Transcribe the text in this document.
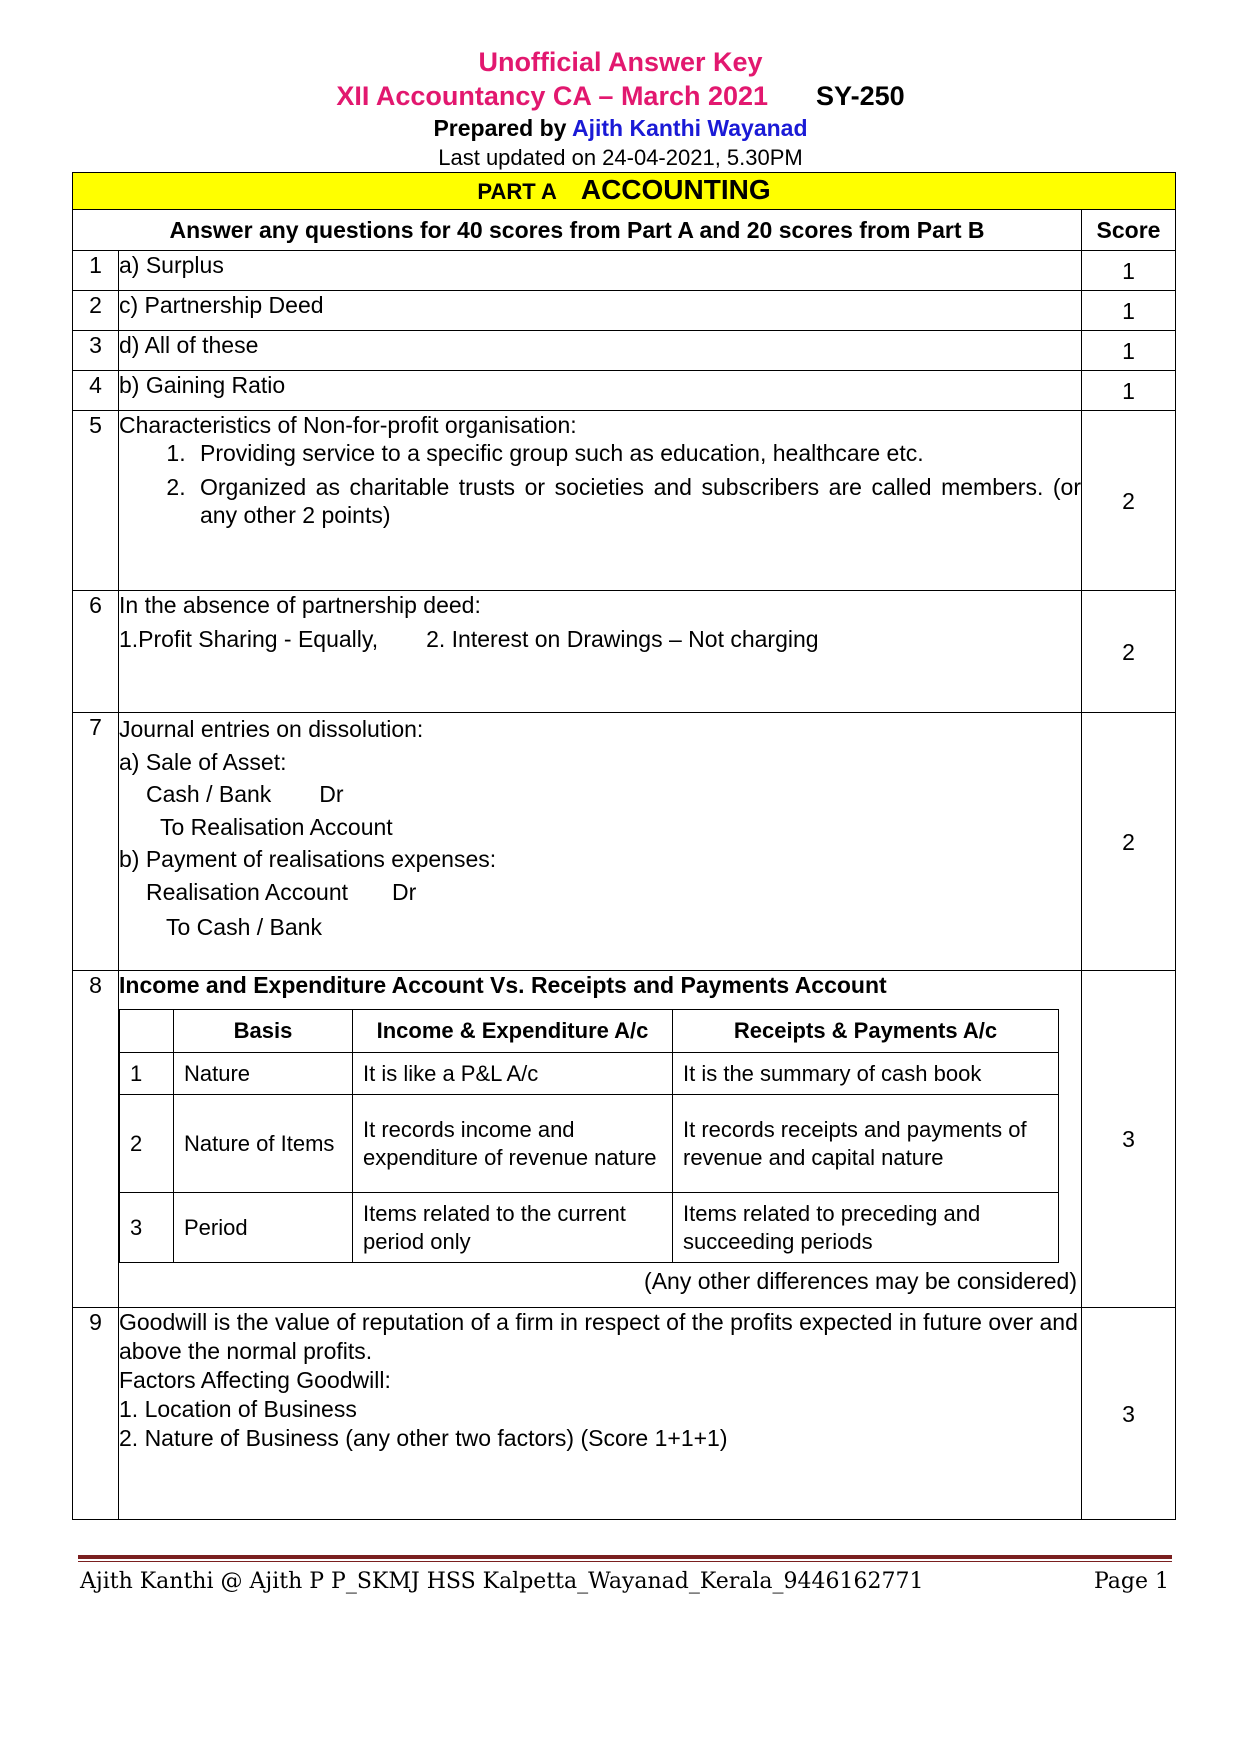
Unofficial Answer Key
XII Accountancy CA – March 2021 SY-250
Prepared by Ajith Kanthi Wayanad
Last updated on 24-04-2021, 5.30PM
PART A ACCOUNTING
Answer any questions for 40 scores from Part A and 20 scores from Part B	Score
1	a) Surplus	1
2	c) Partnership Deed	1
3	d) All of these	1
4	b) Gaining Ratio	1
5	Characteristics of Non-for-profit organisation:
1. Providing service to a specific group such as education, healthcare etc.
2. Organized as charitable trusts or societies and subscribers are called members. (or any other 2 points)
	2
6	In the absence of partnership deed:
1.Profit Sharing - Equally, 2. Interest on Drawings – Not charging	2
7	Journal entries on dissolution:
a) Sale of Asset:
Cash / Bank Dr
To Realisation Account
b) Payment of realisations expenses:
Realisation Account Dr
To Cash / Bank
	2
8	Income and Expenditure Account Vs. Receipts and Payments Account
	Basis	Income & Expenditure A/c	Receipts & Payments A/c
1	Nature	It is like a P&L A/c	It is the summary of cash book
2	Nature of Items	It records income and expenditure of revenue nature	It records receipts and payments of revenue and capital nature
3	Period	Items related to the current period only	Items related to preceding and succeeding periods
(Any other differences may be considered)
	3
9	Goodwill is the value of reputation of a firm in respect of the profits expected in future over and above the normal profits.
Factors Affecting Goodwill:
1. Location of Business
2. Nature of Business (any other two factors) (Score 1+1+1)
	3
Ajith Kanthi @ Ajith P P_SKMJ HSS Kalpetta_Wayanad_Kerala_9446162771	Page 1
